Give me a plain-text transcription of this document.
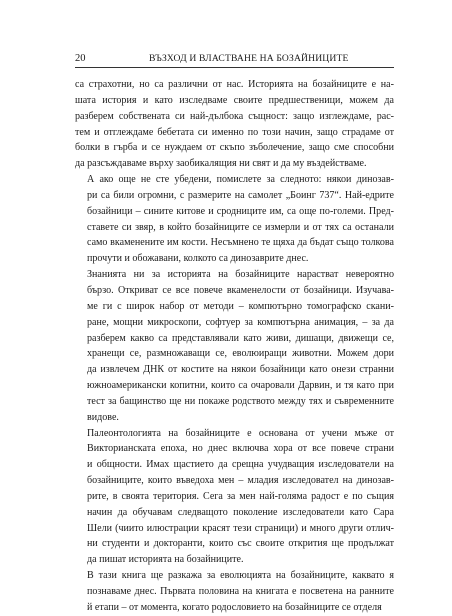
20	ВЪЗХОД И ВЛАСТВАНЕ НА БОЗАЙНИЦИТЕ

са страхотни, но са различни от нас. Историята на бозайниците е на-
шата история и като изследваме своите предшественици, можем да
разберем собствената си най-дълбока същност: защо изглеждаме, рас-
тем и отглеждаме бебетата си именно по този начин, защо страдаме от
болки в гърба и се нуждаем от скъпо зъболечение, защо сме способни
да разсъждаваме върху заобикалящия ни свят и да му въздействаме.

А ако още не сте убедени, помислете за следното: някои динозав-
ри са били огромни, с размерите на самолет „Боинг 737“. Най-едрите
бозайници – сините китове и сродниците им, са още по-големи. Пред-
ставете си звяр, в който бозайниците се измерли и от тях са останали
само вкаменените им кости. Несъмнено те щяха да бъдат също толкова
прочути и обожавани, колкото са динозаврите днес.

Знанията ни за историята на бозайниците нарастват невероятно
бързо. Откриват се все повече вкаменелости от бозайници. Изучава-
ме ги с широк набор от методи – компютърно томографско скани-
ране, мощни микроскопи, софтуер за компютърна анимация, – за да
разберем какво са представлявали като живи, дишащи, движещи се,
хранещи се, размножаващи се, еволюиращи животни. Можем дори
да извлечем ДНК от костите на някои бозайници като онези странни
южноамерикански копитни, които са очаровали Дарвин, и тя като при
тест за бащинство ще ни покаже родството между тях и съвременните
видове.

Палеонтологията на бозайниците е основана от учени мъже от
Викторианската епоха, но днес включва хора от все повече страни
и общности. Имах щастието да срещна учудващия изследователи на
бозайниците, които въведоха мен – младия изследовател на динозав-
рите, в своята територия. Сега за мен най-голяма радост е по същия
начин да обучавам следващото поколение изследователи като Сара
Шели (чиито илюстрации красят тези страници) и много други отлич-
ни студенти и докторанти, които със своите открития ще продължат
да пишат историята на бозайниците.

В тази книга ще разкажа за еволюцията на бозайниците, каквато я
познаваме днес. Първата половина на книгата е посветена на ранните
й етапи – от момента, когато родословието на бозайниците се отделя
